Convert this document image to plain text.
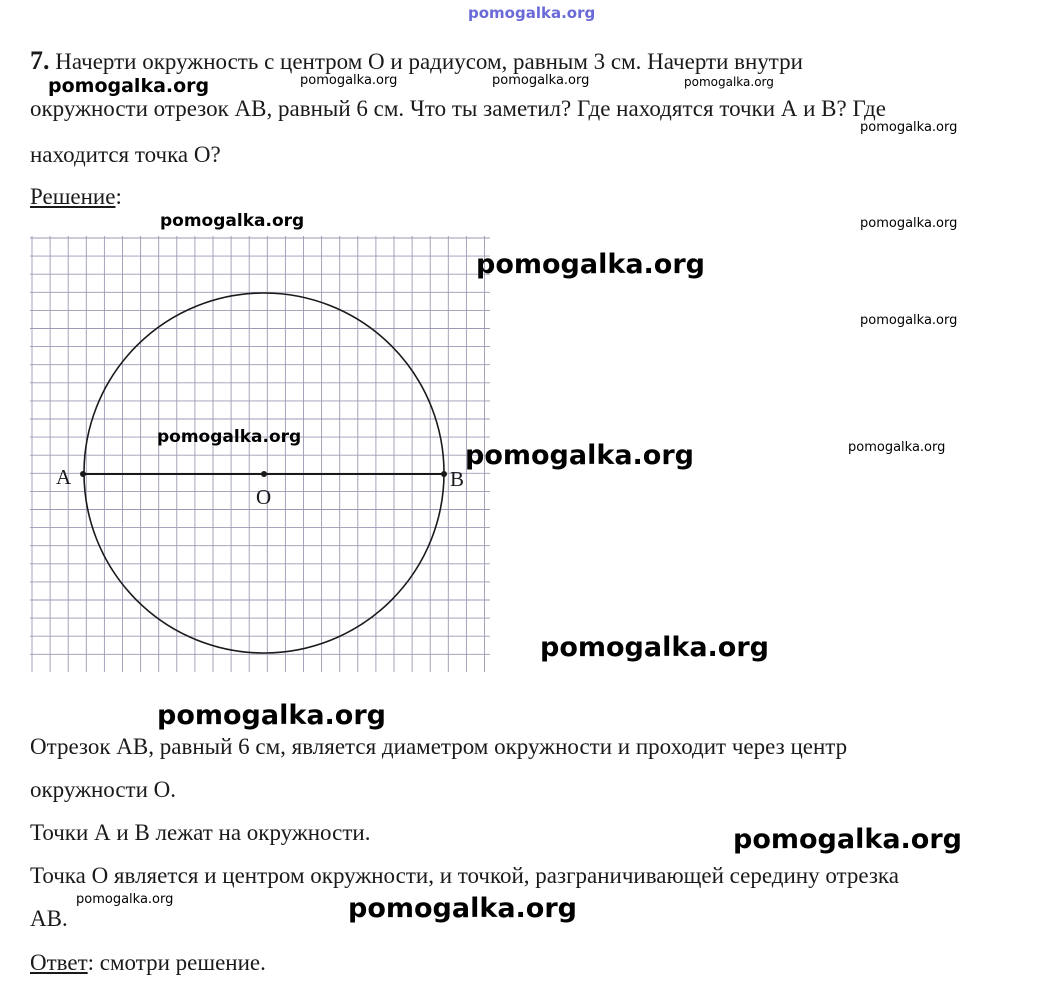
pomogalka.org
7. Начерти окружность с центром О и радиусом, равным 3 см. Начерти внутри
окружности отрезок АВ, равный 6 см. Что ты заметил? Где находятся точки А и В? Где
находится точка О?
Решение:
A	B
O
Отрезок АВ, равный 6 см, является диаметром окружности и проходит через центр
окружности О.
Точки А и В лежат на окружности.
Точка О является и центром окружности, и точкой, разграничивающей середину отрезка
АВ.
Ответ: смотри решение.
pomogalka.org	pomogalka.org	pomogalka.org	pomogalka.org
pomogalka.org
pomogalka.org	pomogalka.org
pomogalka.org
pomogalka.org
pomogalka.org
pomogalka.org	pomogalka.org
pomogalka.org
pomogalka.org
pomogalka.org
pomogalka.org	pomogalka.org
